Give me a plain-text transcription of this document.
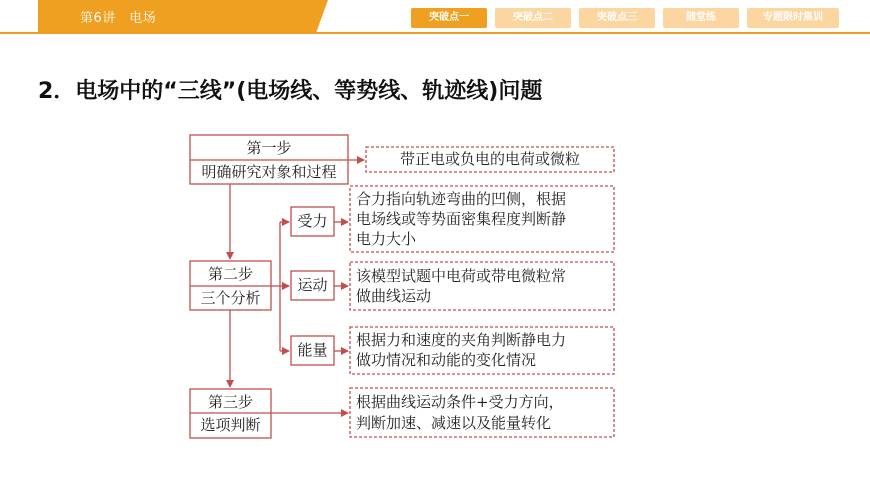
第6讲　电场	突破点一	突破点二	突破点三	随堂练	专题限时集训
2．电场中的“三线”(电场线、等势线、轨迹线)问题
第一步
明确研究对象和过程
第二步
三个分析
第三步
选项判断
受力
运动
能量
带正电或负电的电荷或微粒
合力指向轨迹弯曲的凹侧，根据
电场线或等势面密集程度判断静
电力大小
该模型试题中电荷或带电微粒常
做曲线运动
根据力和速度的夹角判断静电力
做功情况和动能的变化情况
根据曲线运动条件+受力方向，
判断加速、减速以及能量转化
